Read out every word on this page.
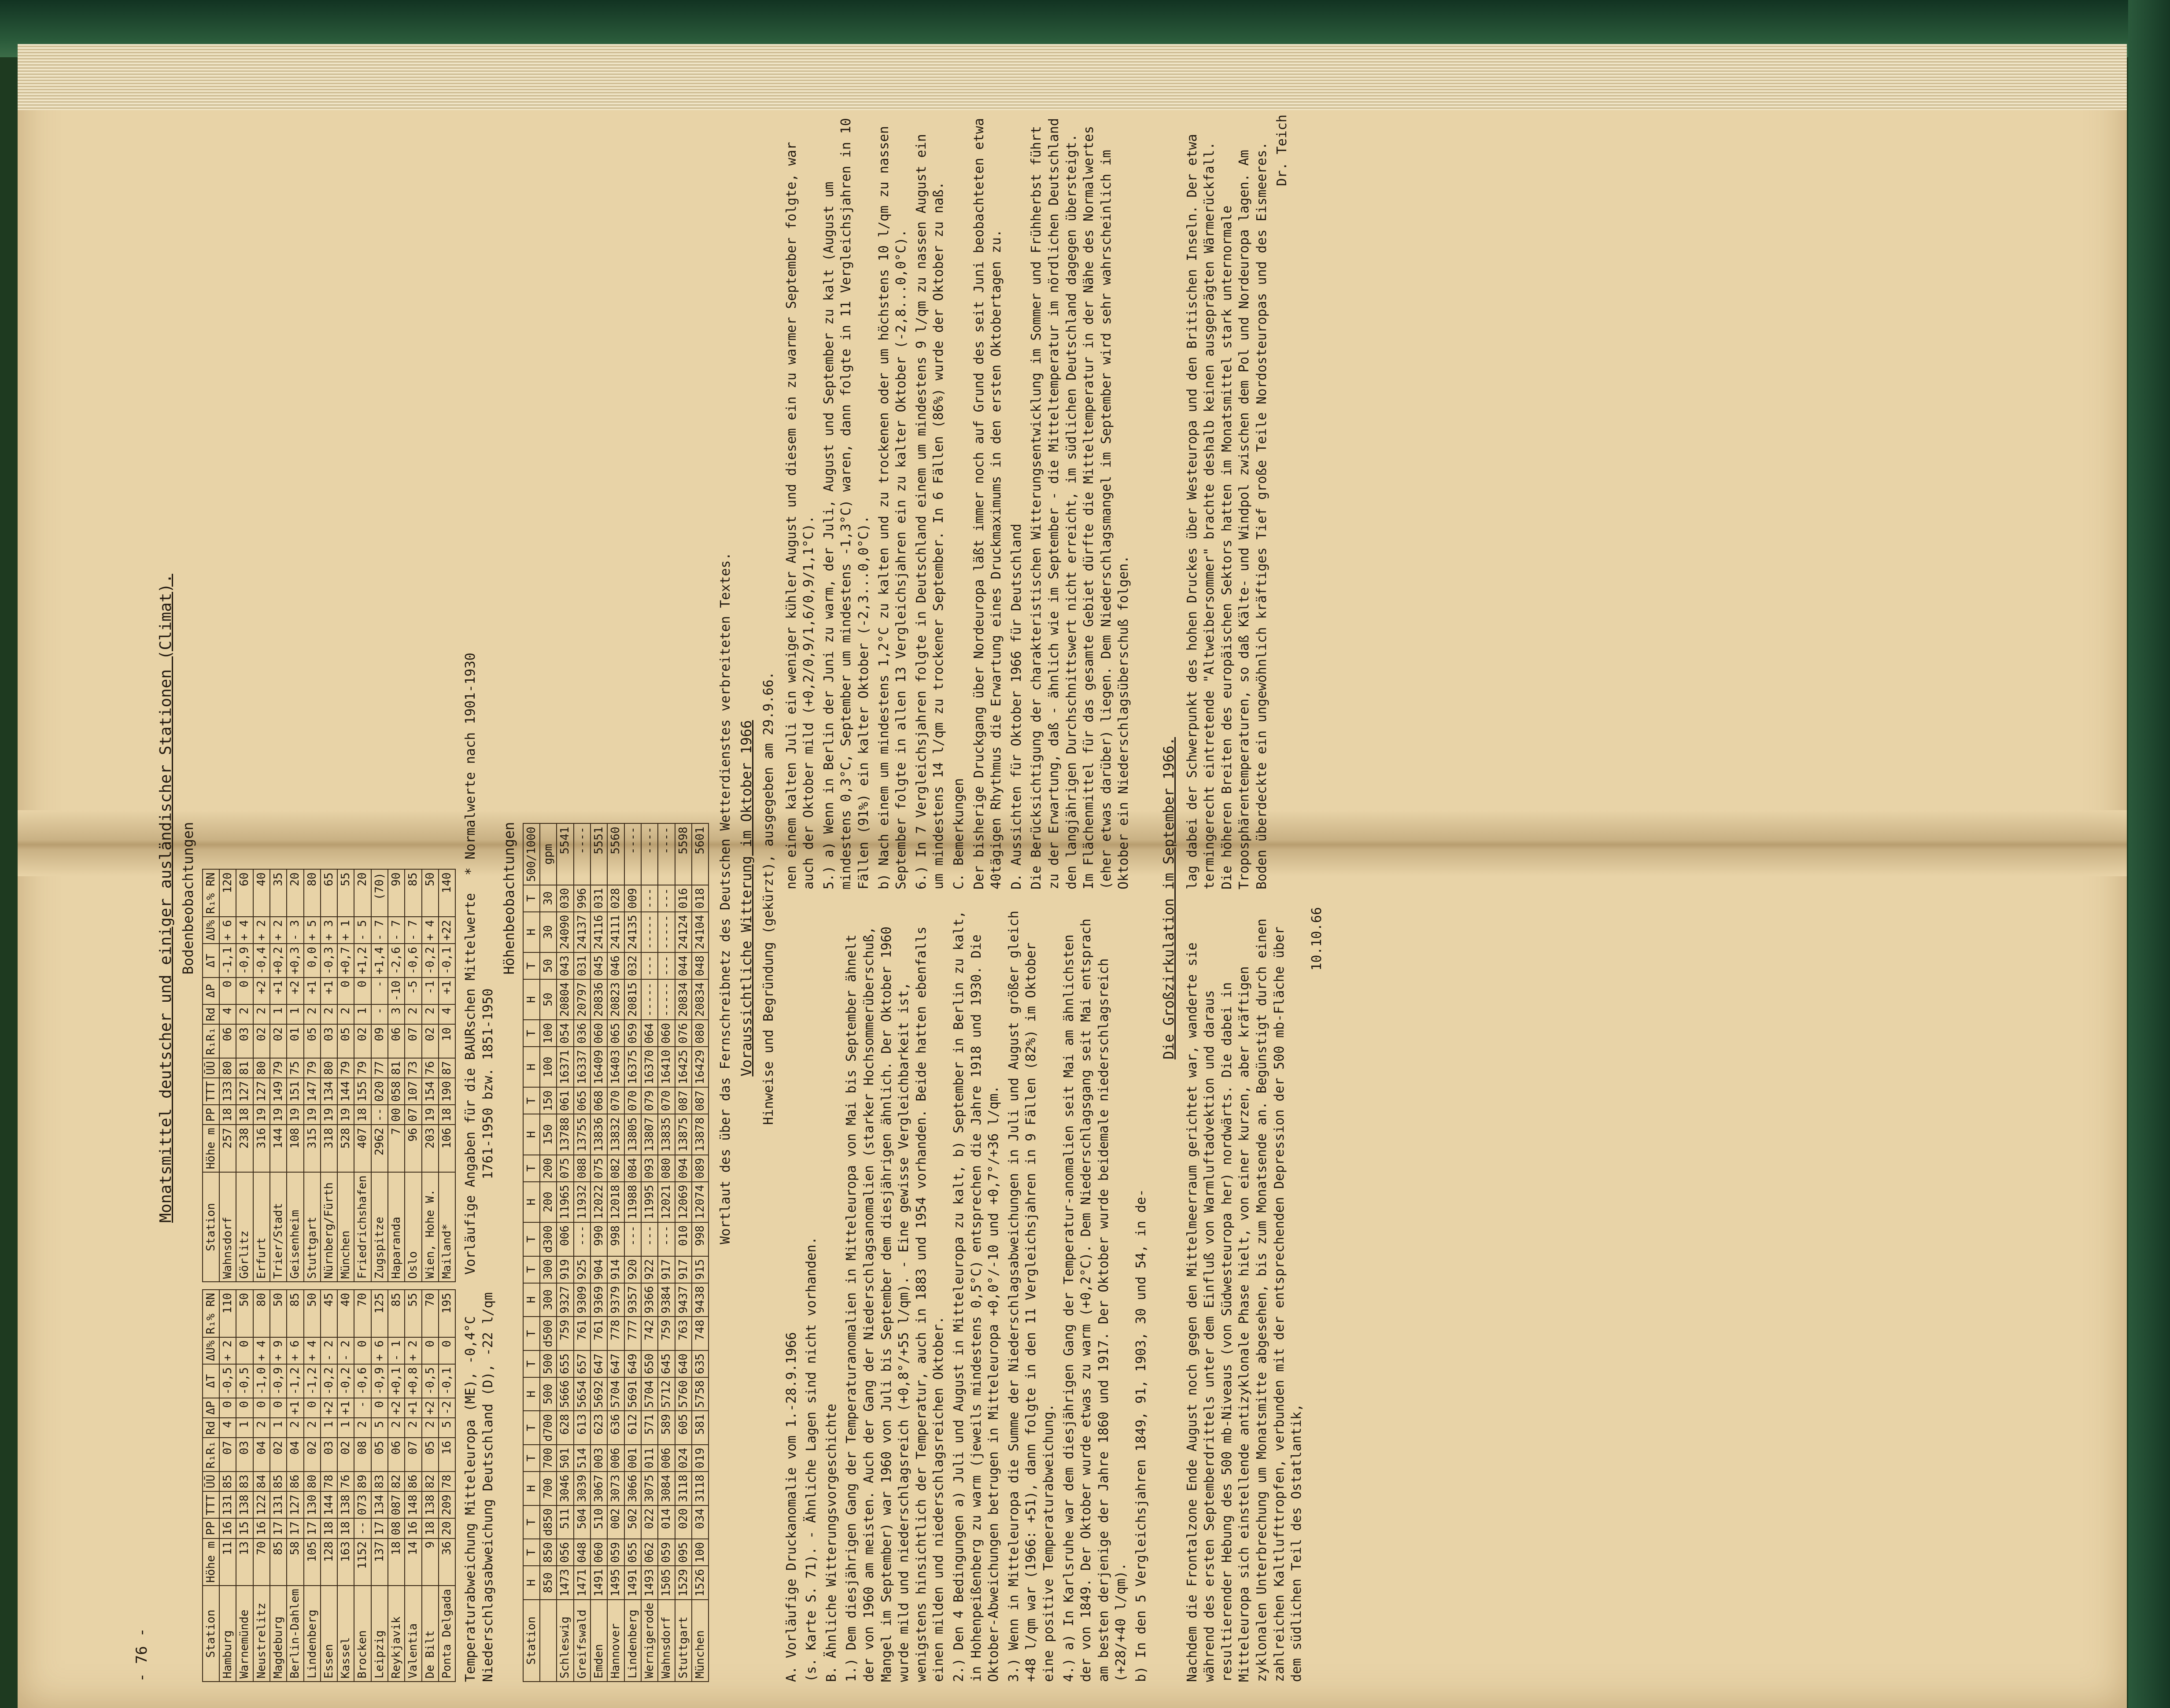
- 76 -
Monatsmittel deutscher und einiger ausländischer Stationen (Climat). Bodenbeobachtungen
Station	Höhe m	PP	TTT	ŪŪ	R₁R₁	Rd	ΔP	ΔT	ΔU%	R₁% RN
Hamburg	11	16	131	85	07	4	0	-0,5	+ 2	110
Warnemünde	13	15	138	83	03	1	0	-0,5	0	50
Neustrelitz	70	16	122	84	04	2	0	-1,0	+ 4	80
Magdeburg	85	17	131	85	02	1	0	-0,9	+ 9	50
Berlin-Dahlem	58	17	127	86	04	2	+1	-1,2	+ 6	85
Lindenberg	105	17	130	80	02	2	0	-1,2	+ 4	50
Essen	128	18	144	78	03	1	+2	-0,2	- 2	45
Kassel	163	18	138	76	02	1	+1	-0,2	- 2	40
Brocken	1152	--	073	89	08	2	-	-0,6	0	70
Leipzig	137	17	134	83	05	5	0	-0,9	+ 6	125
Reykjavik	18	08	087	82	06	2	+2	+0,1	- 1	85
Valentia	14	16	148	86	07	2	+1	+0,8	+ 2	55
De Bilt	9	18	138	82	05	2	+2	-0,5	0	70
Ponta Delgada	36	20	209	78	16	5	-2	-0,1	0	195
Station	Höhe m	PP	TTT	ŪŪ	R₁R₁	Rd	ΔP	ΔT	ΔU%	R₁% RN
Wahnsdorf	257	18	133	80	06	4	0	-1,1	+ 6	120
Görlitz	238	18	127	81	03	2	0	-0,9	+ 4	60
Erfurt	316	19	127	80	02	2	+2	-0,4	+ 2	40
Trier/Stadt	144	19	149	79	02	1	+1	+0,2	+ 2	35
Geisenheim	108	19	151	75	01	1	+2	+0,3	- 3	20
Stuttgart	315	19	147	79	05	2	+1	0,0	+ 5	80
Nürnberg/Fürth	318	19	134	80	03	2	+1	-0,3	+ 3	65
München	528	19	144	79	05	2	0	+0,7	+ 1	55
Friedrichshafen	407	18	155	79	02	1	0	+1,2	- 5	20
Zugspitze	2962	--	020	77	09	-	-	+1,4	- 7	(70)
Haparanda	7	00	058	81	06	3	-10	-2,6	- 7	90
Oslo	96	07	107	73	07	2	-5	-0,6	- 7	85
Wien, Hohe W.	203	19	154	76	02	2	-1	-0,2	+ 4	50
Mailand*	106	18	190	87	10	4	+1	-0,1	+22	140
Temperaturabweichung Mitteleuropa (ME), -0,4°C Niederschlagsabweichung Deutschland (D), -22 l/qm
Vorläufige Angaben für die BAURschen Mittelwerte 1761-1950 bzw. 1851-1950
* Normalwerte nach 1901-1930
Höhenbeobachtungen
Station	H	T	T	H	T	T	H	T	T	H	T	T	H	T	H	T	H	T	H	T	H	T	500/1000
	850	850	d850	700	700	d700	500	500	d500	300	300	d300	200	200	150	150	100	100	50	50	30	30	gpm
Schleswig	1473	056	511	3046	501	628	5666	655	759	9327	919	006	11965	075	13788	061	16371	054	20804	043	24090	030	5541
Greifswald	1471	048	504	3039	514	613	5654	657	761	9309	925	---	11932	088	13755	065	16337	036	20797	031	24137	996	----
Emden	1491	060	510	3067	003	623	5692	647	761	9369	904	990	12022	075	13836	068	16409	060	20836	045	24116	031	5551
Hannover	1495	059	002	3073	006	636	5704	647	778	9379	914	998	12018	082	13832	070	16403	065	20823	046	24111	028	5560
Lindenberg	1491	055	502	3066	001	612	5691	649	777	9357	920	---	11988	084	13805	070	16375	059	20815	032	24135	009	----
Wernigerode	1493	062	022	3075	011	571	5704	650	742	9366	922	---	11995	093	13807	079	16370	064	-----	---	-----	---	----
Wahnsdorf	1505	059	014	3084	006	589	5712	645	759	9384	917	---	12021	080	13835	070	16410	060	-----	---	-----	---	----
Stuttgart	1529	095	020	3118	024	605	5760	640	763	9437	917	010	12069	094	13875	087	16425	076	20834	044	24124	016	5598
München	1526	100	034	3118	019	581	5758	635	748	9438	915	998	12074	089	13878	087	16429	080	20834	048	24104	018	5601 Wortlaut des über das Fernschreibnetz des Deutschen Wetterdienstes verbreiteten Textes. Voraussichtliche Witterung im Oktober 1966 Hinweise und Begründung (gekürzt), ausgegeben am 29.9.66.

A. Vorläufige Druckanomalie vom 1.-28.9.1966 (s. Karte S. 71). - Ähnliche Lagen sind nicht vorhanden. B. Ähnliche Witterungsvorgeschichte 1.) Dem diesjährigen Gang der Temperaturanomalien in Mitteleuropa von Mai bis September ähnelt der von 1960 am meisten. Auch der Gang der Niederschlagsanomalien (starker Hochsommerüberschuß, Mangel im September) war 1960 von Juli bis September dem diesjährigen ähnlich. Der Oktober 1960 wurde mild und niederschlagsreich (+0,8°/+55 l/qm). - Eine gewisse Vergleichbarkeit ist, wenigstens hinsichtlich der Temperatur, auch in 1883 und 1954 vorhanden. Beide hatten ebenfalls einen milden und niederschlagsreichen Oktober. 2.) Den 4 Bedingungen a) Juli und August in Mitteleuropa zu kalt, b) September in Berlin zu kalt, in Hohenpeißenberg zu warm (jeweils mindestens 0,5°C) entsprechen die Jahre 1918 und 1930. Die Oktober-Abweichungen betrugen in Mitteleuropa +0,0°/-10 und +0,7°/+36 l/qm. 3.) Wenn in Mitteleuropa die Summe der Niederschlagsabweichungen in Juli und August größer gleich +48 l/qm war (1966: +51), dann folgte in den 11 Vergleichsjahren in 9 Fällen (82%) im Oktober eine positive Temperaturabweichung. 4.) a) In Karlsruhe war dem diesjährigen Gang der Temperatur-anomalien seit Mai am ähnlichsten der von 1849. Der Oktober wurde etwas zu warm (+0,2°C). Dem Niederschlagsgang seit Mai entsprach am besten derjenige der Jahre 1860 und 1917. Der Oktober wurde beidemale niederschlagsreich (+28/+40 l/qm). b) In den 5 Vergleichsjahren 1849, 91, 1903, 30 und 54, in de-

nen einem kalten Juli ein weniger kühler August und diesem ein zu warmer September folgte, war auch der Oktober mild (+0,2/0,9/1,6/0,9/1,1°C). 5.) a) Wenn in Berlin der Juni zu warm, der Juli, August und September zu kalt (August um mindestens 0,3°C, September um mindestens -1,3°C) waren, dann folgte in 11 Vergleichsjahren in 10 Fällen (91%) ein kalter Oktober (-2,3...0,0°C). b) Nach einem um mindestens 1,2°C zu kalten und zu trockenen oder um höchstens 10 l/qm zu nassen September folgte in allen 13 Vergleichsjahren ein zu kalter Oktober (-2,8...0,0°C). 6.) In 7 Vergleichsjahren folgte in Deutschland einem um mindestens 9 l/qm zu nassen August ein um mindestens 14 l/qm zu trockener September. In 6 Fällen (86%) wurde der Oktober zu naß. C. Bemerkungen Der bisherige Druckgang über Nordeuropa läßt immer noch auf Grund des seit Juni beobachteten etwa 40tägigen Rhythmus die Erwartung eines Druckmaximums in den ersten Oktobertagen zu. D. Aussichten für Oktober 1966 für Deutschland Die Berücksichtigung der charakteristischen Witterungsentwicklung im Sommer und Frühherbst führt zu der Erwartung, daß - ähnlich wie im September - die Mitteltemperatur im nördlichen Deutschland den langjährigen Durchschnittswert nicht erreicht, im südlichen Deutschland dagegen übersteigt. Im Flächenmittel für das gesamte Gebiet dürfte die Mitteltemperatur in der Nähe des Normalwertes (eher etwas darüber) liegen. Dem Niederschlagsmangel im September wird sehr wahrscheinlich im Oktober ein Niederschlagsüberschuß folgen.

Die Großzirkulation im September 1966.

Nachdem die Frontalzone Ende August noch gegen den Mittelmeerraum gerichtet war, wanderte sie während des ersten Septemberdrittels unter dem Einfluß von Warmluftadvektion und daraus resultierender Hebung des 500 mb-Niveaus (von Südwesteuropa her) nordwärts. Die dabei in Mitteleuropa sich einstellende antizyklonale Phase hielt, von einer kurzen, aber kräftigen zyklonalen Unterbrechung um Monatsmitte abgesehen, bis zum Monatsende an. Begünstigt durch einen zahlreichen Kaltlufttropfen, verbunden mit der entsprechenden Depression der 500 mb-Fläche über dem südlichen Teil des Ostatlantik,

10.10.66

lag dabei der Schwerpunkt des hohen Druckes über Westeuropa und den Britischen Inseln. Der etwa termingerecht eintretende "Altweibersommer" brachte deshalb keinen ausgeprägten Wärmerückfall. Die höheren Breiten des europäischen Sektors hatten im Monatsmittel stark unternormale Troposphärentemperaturen, so daß Kälte- und Windpol zwischen dem Pol und Nordeuropa lagen. Am Boden überdeckte ein ungewöhnlich kräftiges Tief große Teile Nordosteuropas und des Eismeeres. Dr. Teich
